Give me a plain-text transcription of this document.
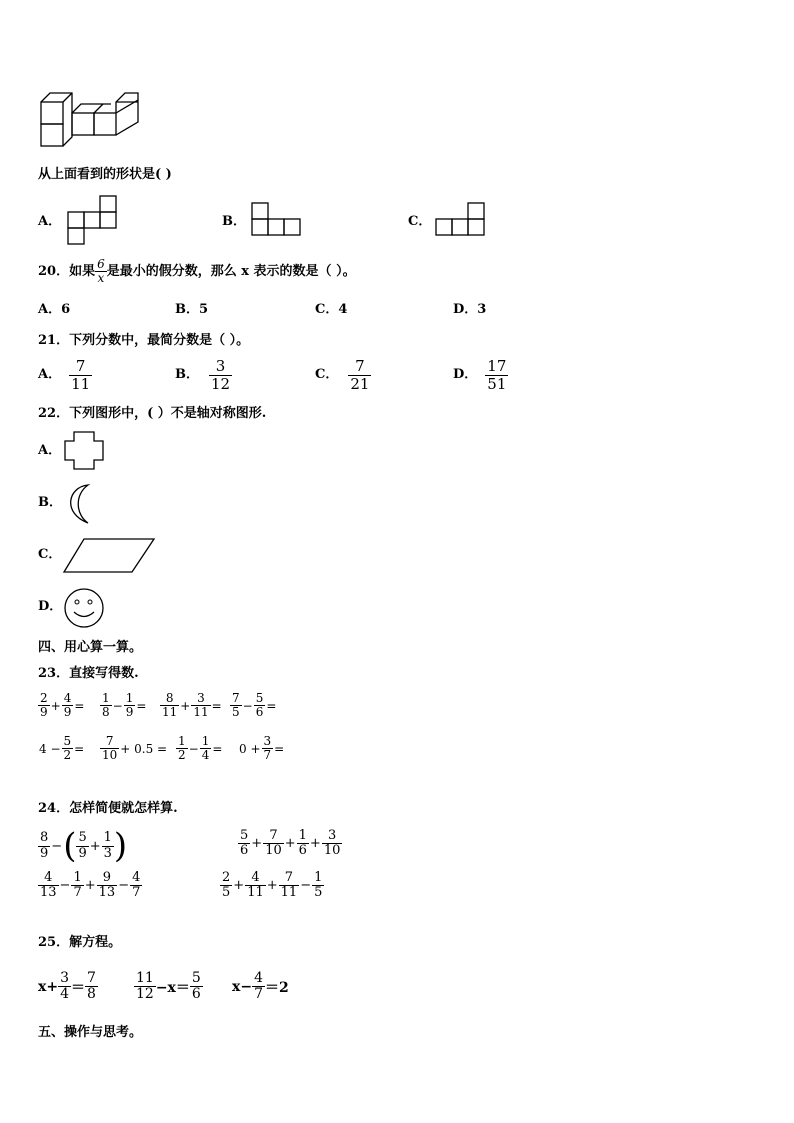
从上面看到的形状是( )
A．	B．	C．
20．如果 $\frac{6}{x}$ 是最小的假分数，那么 x 表示的数是（ ）。
A．6	B．5	C．4	D．3
21．下列分数中，最简分数是（ ）。
A． $\frac{7}{11}$	B． $\frac{3}{12}$	C． $\frac{7}{21}$	D． $\frac{17}{51}$
22．下列图形中，( ）不是轴对称图形.
A．
B．
C．
D．
四、用心算一算。
23．直接写得数.
$\frac{2}{9} + \frac{4}{9} = \frac{1}{8} - \frac{1}{9} = \frac{8}{11} + \frac{3}{11} = \frac{7}{5} - \frac{5}{6}$ =
$4 - \frac{5}{2} = \frac{7}{10} + 0.5 = \frac{1}{2} - \frac{1}{4} = 0 + \frac{3}{7}$ =
24．怎样简便就怎样算.
$\frac{8}{9}$ − ( $\frac{5}{9} + \frac{1}{3}$ )	$\frac{5}{6} + \frac{7}{10} + \frac{1}{6} + \frac{3}{10}$
$\frac{4}{13} - \frac{1}{7} + \frac{9}{13} - \frac{4}{7}$	$\frac{2}{5} + \frac{4}{11} + \frac{7}{11} - \frac{1}{5}$
25．解方程。
$x+ \frac{3}{4} = \frac{7}{8}$	$\frac{11}{12} -x= \frac{5}{6} x- \frac{4}{7} =2$
五、操作与思考。
